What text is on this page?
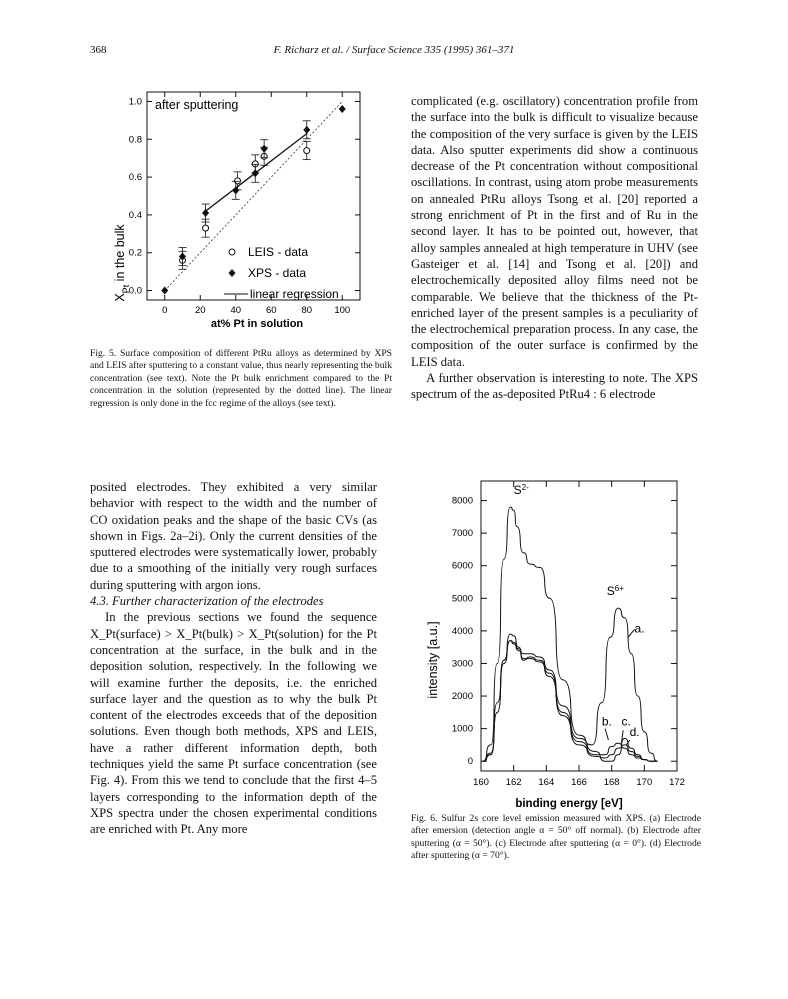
368	F. Richarz et al. / Surface Science 335 (1995) 361–371
$X_{Pt}$ in the bulk
at% Pt in solution
0	20	40	60	80 100
0.0
0.2
0.4
0.6
0.8
1.0 after sputtering
LEIS - data
XPS - data
linear regression
Fig. 5. Surface composition of different PtRu alloys as determined by XPS and LEIS after sputtering to a constant value, thus nearly representing the bulk concentration (see text). Note the Pt bulk enrichment compared to the Pt concentration in the solution (represented by the dotted line). The linear regression is only done in the fcc regime of the alloys (see text).

complicated (e.g. oscillatory) concentration profile from the surface into the bulk is difficult to visualize because the composition of the very surface is given by the LEIS data. Also sputter experiments did show a continuous decrease of the Pt concentration without compositional oscillations. In contrast, using atom probe measurements on annealed PtRu alloys Tsong et al. [20] reported a strong enrichment of Pt in the first and of Ru in the second layer. It has to be pointed out, however, that alloy samples annealed at high temperature in UHV (see Gasteiger et al. [14] and Tsong et al. [20]) and electrochemically deposited alloy films need not be comparable. We believe that the thickness of the Pt-enriched layer of the present samples is a peculiarity of the electrochemical preparation process. In any case, the composition of the outer surface is confirmed by the LEIS data.

A further observation is interesting to note. The XPS spectrum of the as-deposited PtRu4 : 6 electrode

posited electrodes. They exhibited a very similar behavior with respect to the width and the number of CO oxidation peaks and the shape of the basic CVs (as shown in Figs. 2a–2i). Only the current densities of the sputtered electrodes were systematically lower, probably due to a smoothing of the initially very rough surfaces during sputtering with argon ions.

4.3. Further characterization of the electrodes

In the previous sections we found the sequence X_Pt(surface) > X_Pt(bulk) > X_Pt(solution) for the Pt concentration at the surface, in the bulk and in the deposition solution, respectively. In the following we will examine further the deposits, i.e. the enriched surface layer and the question as to why the bulk Pt content of the electrodes exceeds that of the deposition solutions. Even though both methods, XPS and LEIS, have a rather different information depth, both techniques yield the same Pt surface concentration (see Fig. 4). From this we tend to conclude that the first 4–5 layers corresponding to the information depth of the XPS spectra under the chosen experimental conditions are enriched with Pt. Any more

intensity [a.u.]
binding energy [eV]
160 162 164 166 168 170 172
0
1000
2000
3000
4000
5000
6000
7000
8000
$S^{2-}$
$S^{6+}$
a.
b. c.
d.
Fig. 6. Sulfur 2s core level emission measured with XPS. (a) Electrode after emersion (detection angle α = 50° off normal). (b) Electrode after sputtering (α = 50°). (c) Electrode after sputtering (α = 0°). (d) Electrode after sputtering (α = 70°).
